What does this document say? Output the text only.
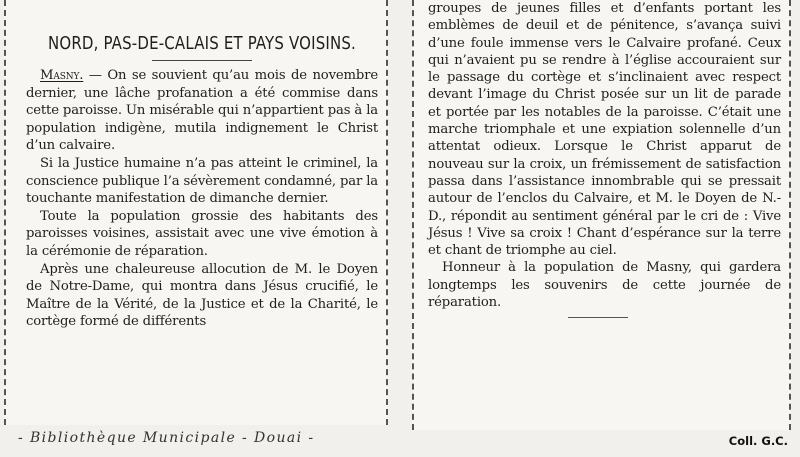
NORD, PAS-DE-CALAIS ET PAYS VOISINS.

Masny. — On se souvient qu’au mois de novembre dernier, une lâche profanation a été commise dans cette paroisse. Un misérable qui n’appartient pas à la population indigène, mutila indignement le Christ d’un calvaire.

Si la Justice humaine n’a pas atteint le criminel, la conscience publique l’a sévèrement condamné, par la touchante manifestation de dimanche dernier.

Toute la population grossie des habitants des paroisses voisines, assistait avec une vive émotion à la cérémonie de réparation.

Après une chaleureuse allocution de M. le Doyen de Notre-Dame, qui montra dans Jésus crucifié, le Maître de la Vérité, de la Justice et de la Charité, le cortège formé de différents

groupes de jeunes filles et d’enfants portant les emblèmes de deuil et de pénitence, s’avança suivi d’une foule immense vers le Calvaire profané. Ceux qui n’avaient pu se rendre à l’église accouraient sur le passage du cortège et s’inclinaient avec respect devant l’image du Christ posée sur un lit de parade et portée par les notables de la paroisse. C’était une marche triomphale et une expiation solennelle d’un attentat odieux. Lorsque le Christ apparut de nouveau sur la croix, un frémissement de satisfaction passa dans l’assistance innombrable qui se pressait autour de l’enclos du Calvaire, et M. le Doyen de N.-D., répondit au sentiment général par le cri de : Vive Jésus ! Vive sa croix ! Chant d’espérance sur la terre et chant de triomphe au ciel.

Honneur à la population de Masny, qui gardera longtemps les souvenirs de cette journée de réparation.

- Bibliothèque Municipale - Douai -	Coll. G.C.
